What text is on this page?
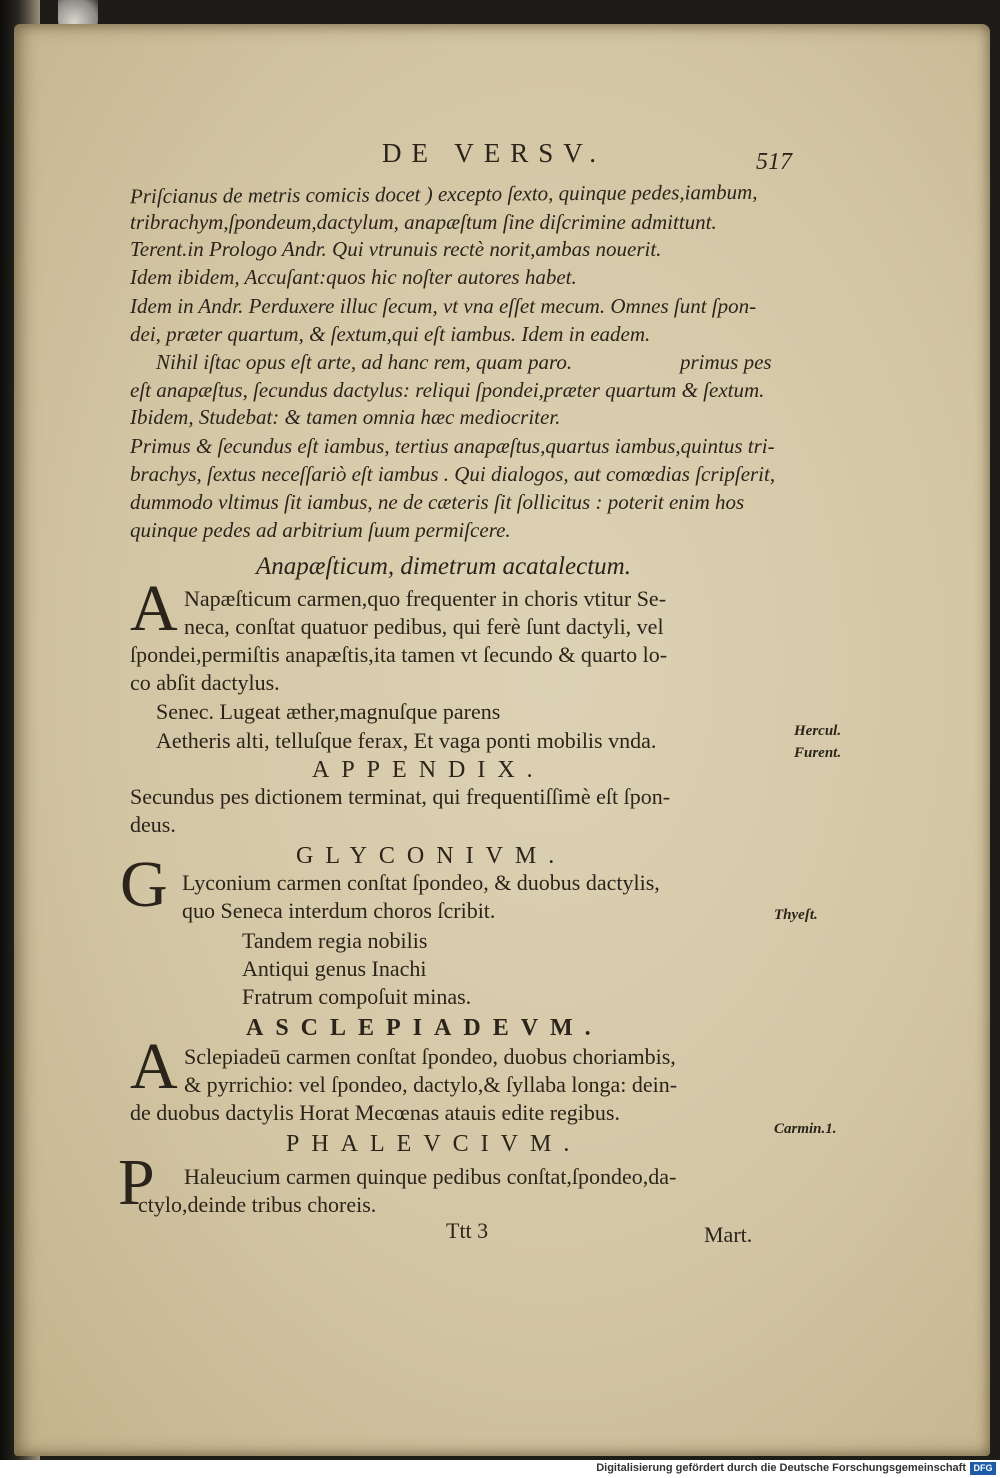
DE VERSV.	517
Priſcianus de metris comicis docet ) excepto ſexto, quinque pedes,iambum,
tribrachym,ſpondeum,dactylum, anapæſtum ſine diſcrimine admittunt.
Terent.in Prologo Andr. Qui vtrunuis rectè norit,ambas nouerit.
Idem ibidem, Accuſant:quos hic noſter autores habet.
Idem in Andr. Perduxere illuc ſecum, vt vna eſſet mecum. Omnes ſunt ſpon-
dei, præter quartum, & ſextum,qui eſt iambus. Idem in eadem.
Nihil iſtac opus eſt arte, ad hanc rem, quam paro.	primus pes
eſt anapæſtus, ſecundus dactylus: reliqui ſpondei,præter quartum & ſextum.
Ibidem, Studebat: & tamen omnia hæc mediocriter.
Primus & ſecundus eſt iambus, tertius anapæſtus,quartus iambus,quintus tri-
brachys, ſextus neceſſariò eſt iambus . Qui dialogos, aut comœdias ſcripſerit,
dummodo vltimus ſit iambus, ne de cæteris ſit ſollicitus : poterit enim hos
quinque pedes ad arbitrium ſuum permiſcere.
Anapæſticum, dimetrum acatalectum.
A Napæſticum carmen,quo frequenter in choris vtitur Se-
neca, conſtat quatuor pedibus, qui ferè ſunt dactyli, vel
ſpondei,permiſtis anapæſtis,ita tamen vt ſecundo & quarto lo-
co abſit dactylus.
Senec. Lugeat æther,magnuſque parens
Aetheris alti, telluſque ferax, Et vaga ponti mobilis vnda.	Hercul.
Furent.
APPENDIX.
Secundus pes dictionem terminat, qui frequentiſſimè eſt ſpon-
deus.
GLYCONIVM.
G Lyconium carmen conſtat ſpondeo, & duobus dactylis,
quo Seneca interdum choros ſcribit.
Tandem regia nobilis
Antiqui genus Inachi
Fratrum compoſuit minas.
Thyeſt.
ASCLEPIADEVM.
A Sclepiadeū carmen conſtat ſpondeo, duobus choriambis,
& pyrrichio: vel ſpondeo, dactylo,& ſyllaba longa: dein-
de duobus dactylis Horat Mecœnas atauis edite regibus.
Carmin.1.
PHALEVCIVM.
P Haleucium carmen quinque pedibus conſtat,ſpondeo,da-
ctylo,deinde tribus choreis.
Ttt 3	Mart.
Digitalisierung gefördert durch die Deutsche Forschungsgemeinschaft DFG
